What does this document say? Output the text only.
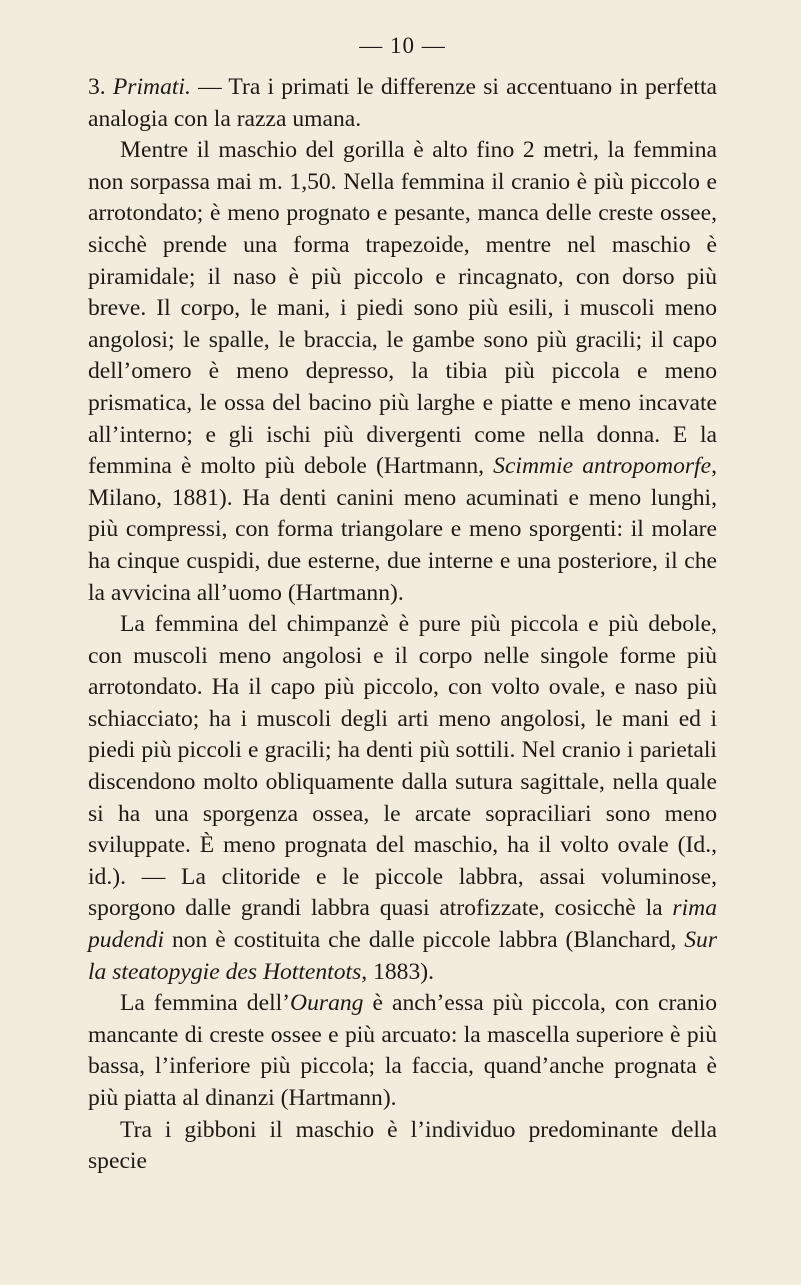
— 10 —

3. Primati. — Tra i primati le differenze si accentuano in perfetta analogia con la razza umana.

Mentre il maschio del gorilla è alto fino 2 metri, la femmina non sorpassa mai m. 1,50. Nella femmina il cranio è più piccolo e arrotondato; è meno prognato e pesante, manca delle creste ossee, sicchè prende una forma trapezoide, mentre nel maschio è piramidale; il naso è più piccolo e rincagnato, con dorso più breve. Il corpo, le mani, i piedi sono più esili, i muscoli meno angolosi; le spalle, le braccia, le gambe sono più gracili; il capo dell’omero è meno depresso, la tibia più piccola e meno prismatica, le ossa del bacino più larghe e piatte e meno incavate all’interno; e gli ischi più divergenti come nella donna. E la femmina è molto più debole (Hartmann, Scimmie antropomorfe, Milano, 1881). Ha denti canini meno acuminati e meno lunghi, più compressi, con forma triangolare e meno sporgenti: il molare ha cinque cuspidi, due esterne, due interne e una posteriore, il che la avvicina all’uomo (Hartmann).

La femmina del chimpanzè è pure più piccola e più debole, con muscoli meno angolosi e il corpo nelle singole forme più arrotondato. Ha il capo più piccolo, con volto ovale, e naso più schiacciato; ha i muscoli degli arti meno angolosi, le mani ed i piedi più piccoli e gracili; ha denti più sottili. Nel cranio i parietali discendono molto obliquamente dalla sutura sagittale, nella quale si ha una sporgenza ossea, le arcate sopraciliari sono meno sviluppate. È meno prognata del maschio, ha il volto ovale (Id., id.). — La clitoride e le piccole labbra, assai voluminose, sporgono dalle grandi labbra quasi atrofizzate, cosicchè la rima pudendi non è costituita che dalle piccole labbra (Blanchard, Sur la steatopygie des Hottentots, 1883).

La femmina dell’Ourang è anch’essa più piccola, con cranio mancante di creste ossee e più arcuato: la mascella superiore è più bassa, l’inferiore più piccola; la faccia, quand’anche prognata è più piatta al dinanzi (Hartmann).

Tra i gibboni il maschio è l’individuo predominante della specie
